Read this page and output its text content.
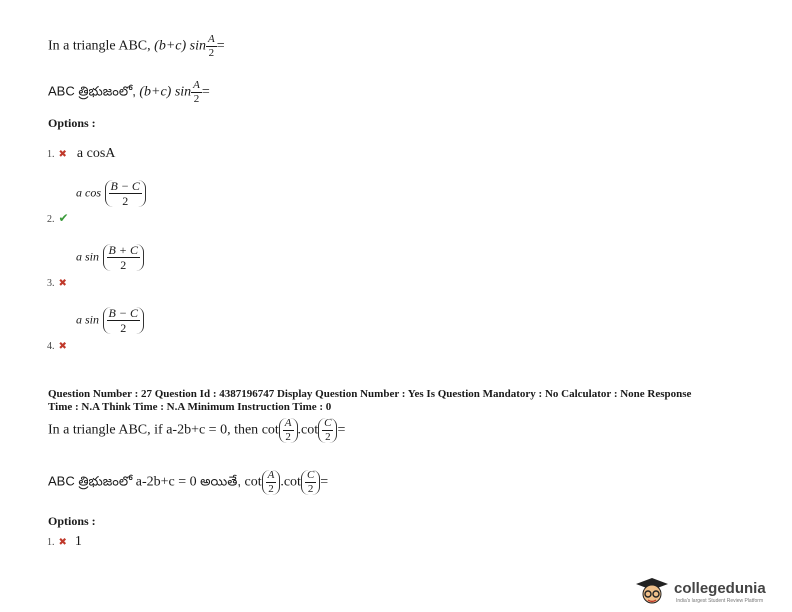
In a triangle ABC, (b+c) $\sin \frac{A}{2}$ =
ABC త్రిభుజంలో, (b+c) $\sin \frac{A}{2}$ =
Options :
1. ✖ a cosA
a $\cos \frac{B - C}{2}$
2. ✔
a $\sin \frac{B + C}{2}$
3. ✖
a $\sin \frac{B - C}{2}$
4. ✖
Question Number : 27 Question Id : 4387196747 Display Question Number : Yes Is Question Mandatory : No Calculator : None Response
Time : N.A Think Time : N.A Minimum Instruction Time : 0
In a triangle ABC, if a-2b+c = 0, then $\cot \frac{A}{2} .\cot \frac{C}{2}$ =
ABC త్రిభుజంలో a-2b+c = 0 అయితే, $\cot \frac{A}{2} .\cot \frac{C}{2}$ =
Options :
1. ✖ 1
collegedunia
India's largest Student Review Platform
